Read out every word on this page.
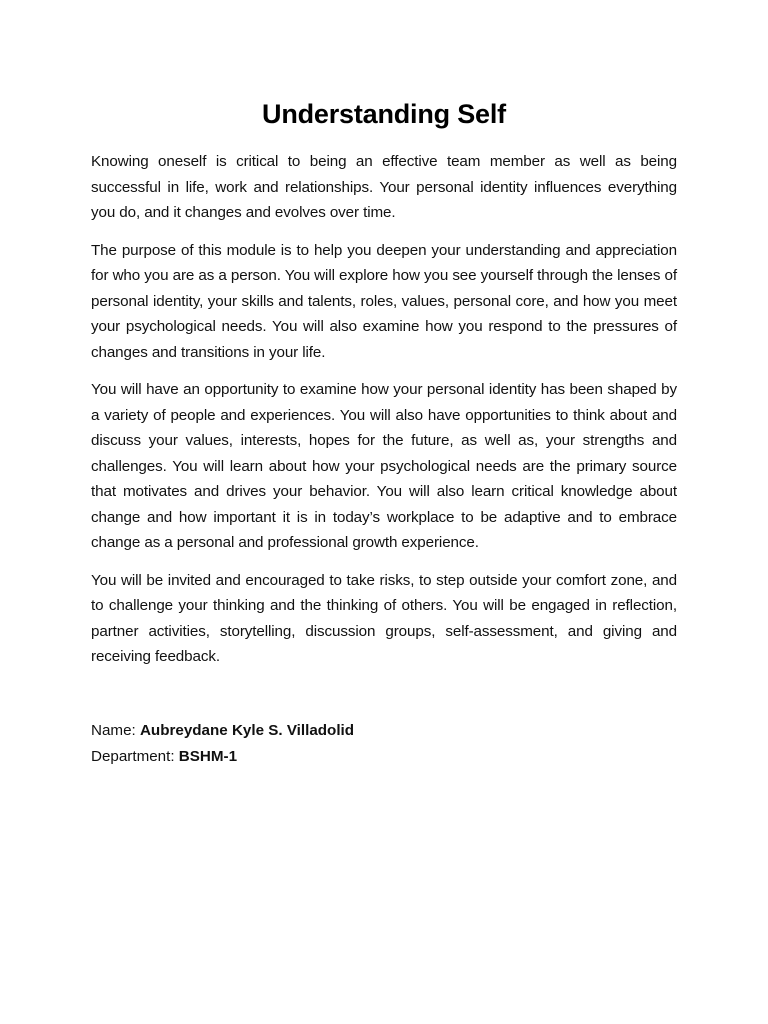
Understanding Self

Knowing oneself is critical to being an effective team member as well as being successful in life, work and relationships. Your personal identity influences everything you do, and it changes and evolves over time.

The purpose of this module is to help you deepen your understanding and appreciation for who you are as a person. You will explore how you see yourself through the lenses of personal identity, your skills and talents, roles, values, personal core, and how you meet your psychological needs. You will also examine how you respond to the pressures of changes and transitions in your life.

You will have an opportunity to examine how your personal identity has been shaped by a variety of people and experiences. You will also have opportunities to think about and discuss your values, interests, hopes for the future, as well as, your strengths and challenges. You will learn about how your psychological needs are the primary source that motivates and drives your behavior. You will also learn critical knowledge about change and how important it is in today’s workplace to be adaptive and to embrace change as a personal and professional growth experience.

You will be invited and encouraged to take risks, to step outside your comfort zone, and to challenge your thinking and the thinking of others. You will be engaged in reflection, partner activities, storytelling, discussion groups, self-assessment, and giving and receiving feedback.

Name: Aubreydane Kyle S. Villadolid

Department: BSHM-1
